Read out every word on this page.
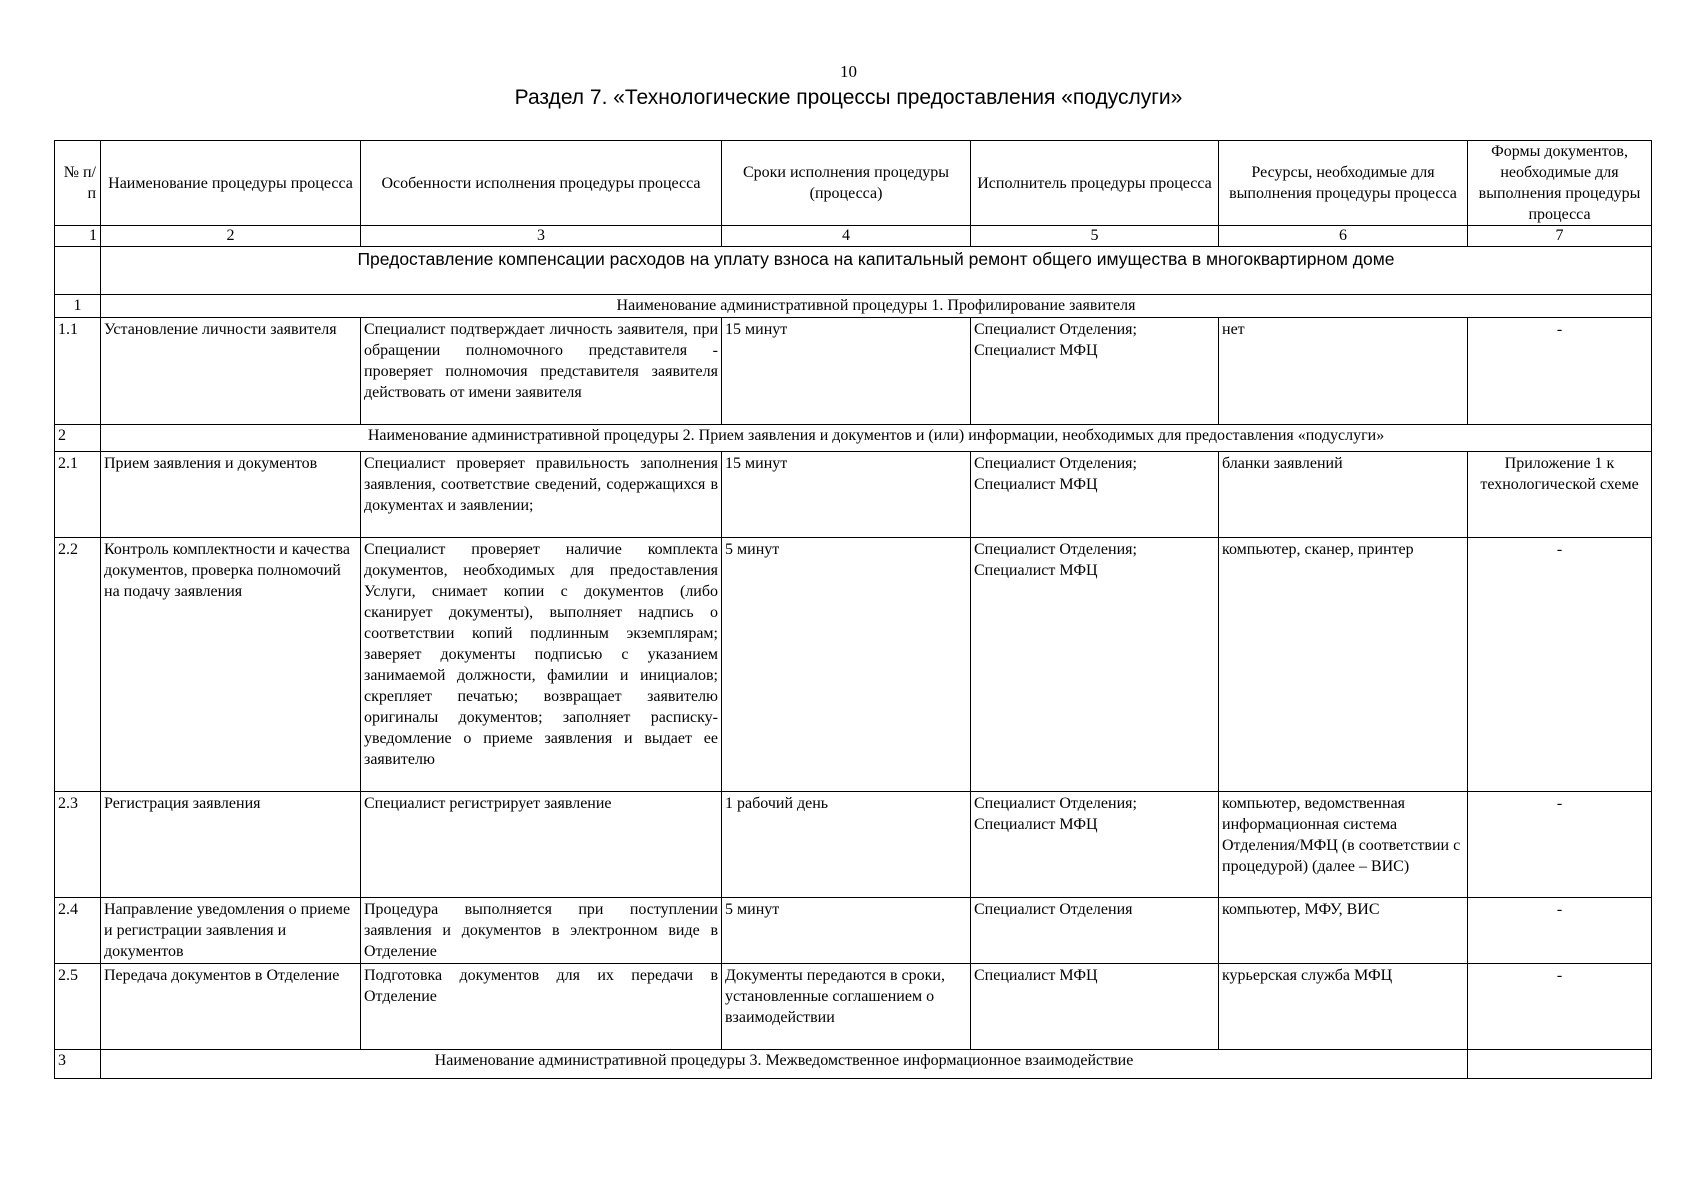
10
Раздел 7. «Технологические процессы предоставления «подуслуги»
№ п/п	Наименование процедуры процесса	Особенности исполнения процедуры процесса	Сроки исполнения процедуры (процесса)	Исполнитель процедуры процесса	Ресурсы, необходимые для выполнения процедуры процесса	Формы документов, необходимые для выполнения процедуры процесса
1	2	3	4	5	6	7
	Предоставление компенсации расходов на уплату взноса на капитальный ремонт общего имущества в многоквартирном доме					
1	Наименование административной процедуры 1. Профилирование заявителя					
1.1	Установление личности заявителя	Специалист подтверждает личность заявителя, при обращении полномочного представителя - проверяет полномочия представителя заявителя действовать от имени заявителя	15 минут	Специалист Отделения; Специалист МФЦ	нет	-
2	Наименование административной процедуры 2. Прием заявления и документов и (или) информации, необходимых для предоставления «подуслуги»					
2.1	Прием заявления и документов	Специалист проверяет правильность заполнения заявления, соответствие сведений, содержащихся в документах и заявлении;	15 минут	Специалист Отделения; Специалист МФЦ	бланки заявлений	Приложение 1 к технологической схеме
2.2	Контроль комплектности и качества документов, проверка полномочий на подачу заявления	Специалист проверяет наличие комплекта документов, необходимых для предоставления Услуги, снимает копии с документов (либо сканирует документы), выполняет надпись о соответствии копий подлинным экземплярам; заверяет документы подписью с указанием занимаемой должности, фамилии и инициалов; скрепляет печатью; возвращает заявителю оригиналы документов; заполняет расписку-уведомление о приеме заявления и выдает ее заявителю	5 минут	Специалист Отделения; Специалист МФЦ	компьютер, сканер, принтер	-
2.3	Регистрация заявления	Специалист регистрирует заявление	1 рабочий день	Специалист Отделения; Специалист МФЦ	компьютер, ведомственная информационная система Отделения/МФЦ (в соответствии с процедурой) (далее – ВИС)	-
2.4	Направление уведомления о приеме и регистрации заявления и документов	Процедура выполняется при поступлении заявления и документов в электронном виде в Отделение	5 минут	Специалист Отделения	компьютер, МФУ, ВИС	-
2.5	Передача документов в Отделение	Подготовка документов для их передачи в Отделение	Документы передаются в сроки, установленные соглашением о взаимодействии	Специалист МФЦ	курьерская служба МФЦ	-
3	Наименование административной процедуры 3. Межведомственное информационное взаимодействие					
